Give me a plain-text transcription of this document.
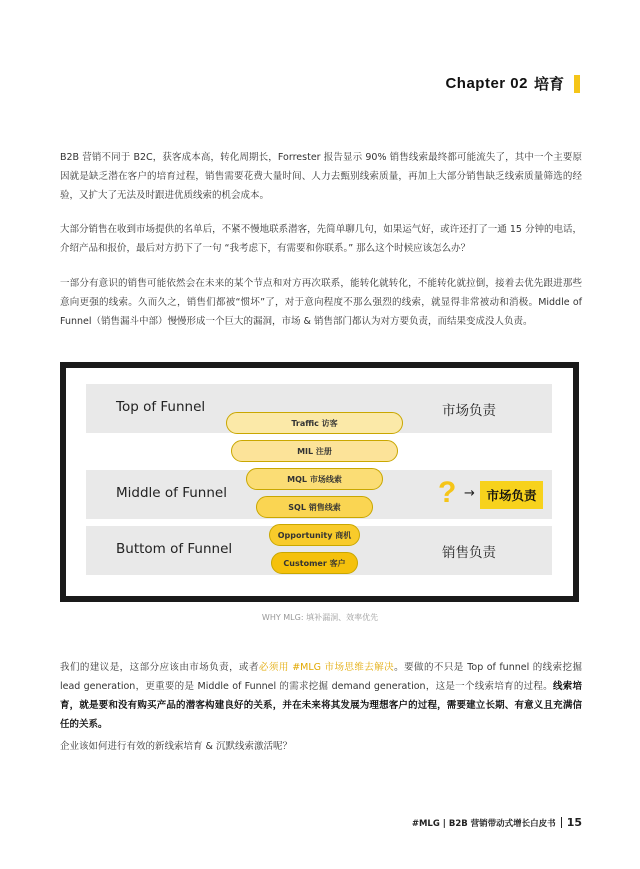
Chapter 02 培育

B2B 营销不同于 B2C，获客成本高，转化周期长，Forrester 报告显示 90% 销售线索最终都可能流失了，其中一个主要原因就是缺乏潜在客户的培育过程，销售需要花费大量时间、人力去甄别线索质量，再加上大部分销售缺乏线索质量筛选的经验，又扩大了无法及时跟进优质线索的机会成本。

大部分销售在收到市场提供的名单后，不紧不慢地联系潜客，先简单聊几句，如果运气好，或许还打了一通 15 分钟的电话，介绍产品和报价，最后对方扔下了一句 “我考虑下，有需要和你联系。” 那么这个时候应该怎么办？

一部分有意识的销售可能依然会在未来的某个节点和对方再次联系，能转化就转化，不能转化就拉倒，接着去优先跟进那些意向更强的线索。久而久之，销售们都被“惯坏”了，对于意向程度不那么强烈的线索，就显得非常被动和消极。Middle of Funnel（销售漏斗中部）慢慢形成一个巨大的漏洞，市场 & 销售部门都认为对方要负责，而结果变成没人负责。

Top of Funnel	市场负责
Middle of Funnel
Buttom of Funnel	销售负责
Traffic 访客
MIL 注册
MQL 市场线索
SQL 销售线索
Opportunity 商机
Customer 客户
? → 市场负责
WHY MLG: 填补漏洞、效率优先

我们的建议是，这部分应该由市场负责，或者必须用 #MLG 市场思维去解决。要做的不只是 Top of funnel 的线索挖掘 lead generation，更重要的是 Middle of Funnel 的需求挖掘 demand generation，这是一个线索培育的过程。线索培育，就是要和没有购买产品的潜客构建良好的关系，并在未来将其发展为理想客户的过程，需要建立长期、有意义且充满信任的关系。

企业该如何进行有效的新线索培育 & 沉默线索激活呢？

#MLG | B2B 营销带动式增长白皮书 15
